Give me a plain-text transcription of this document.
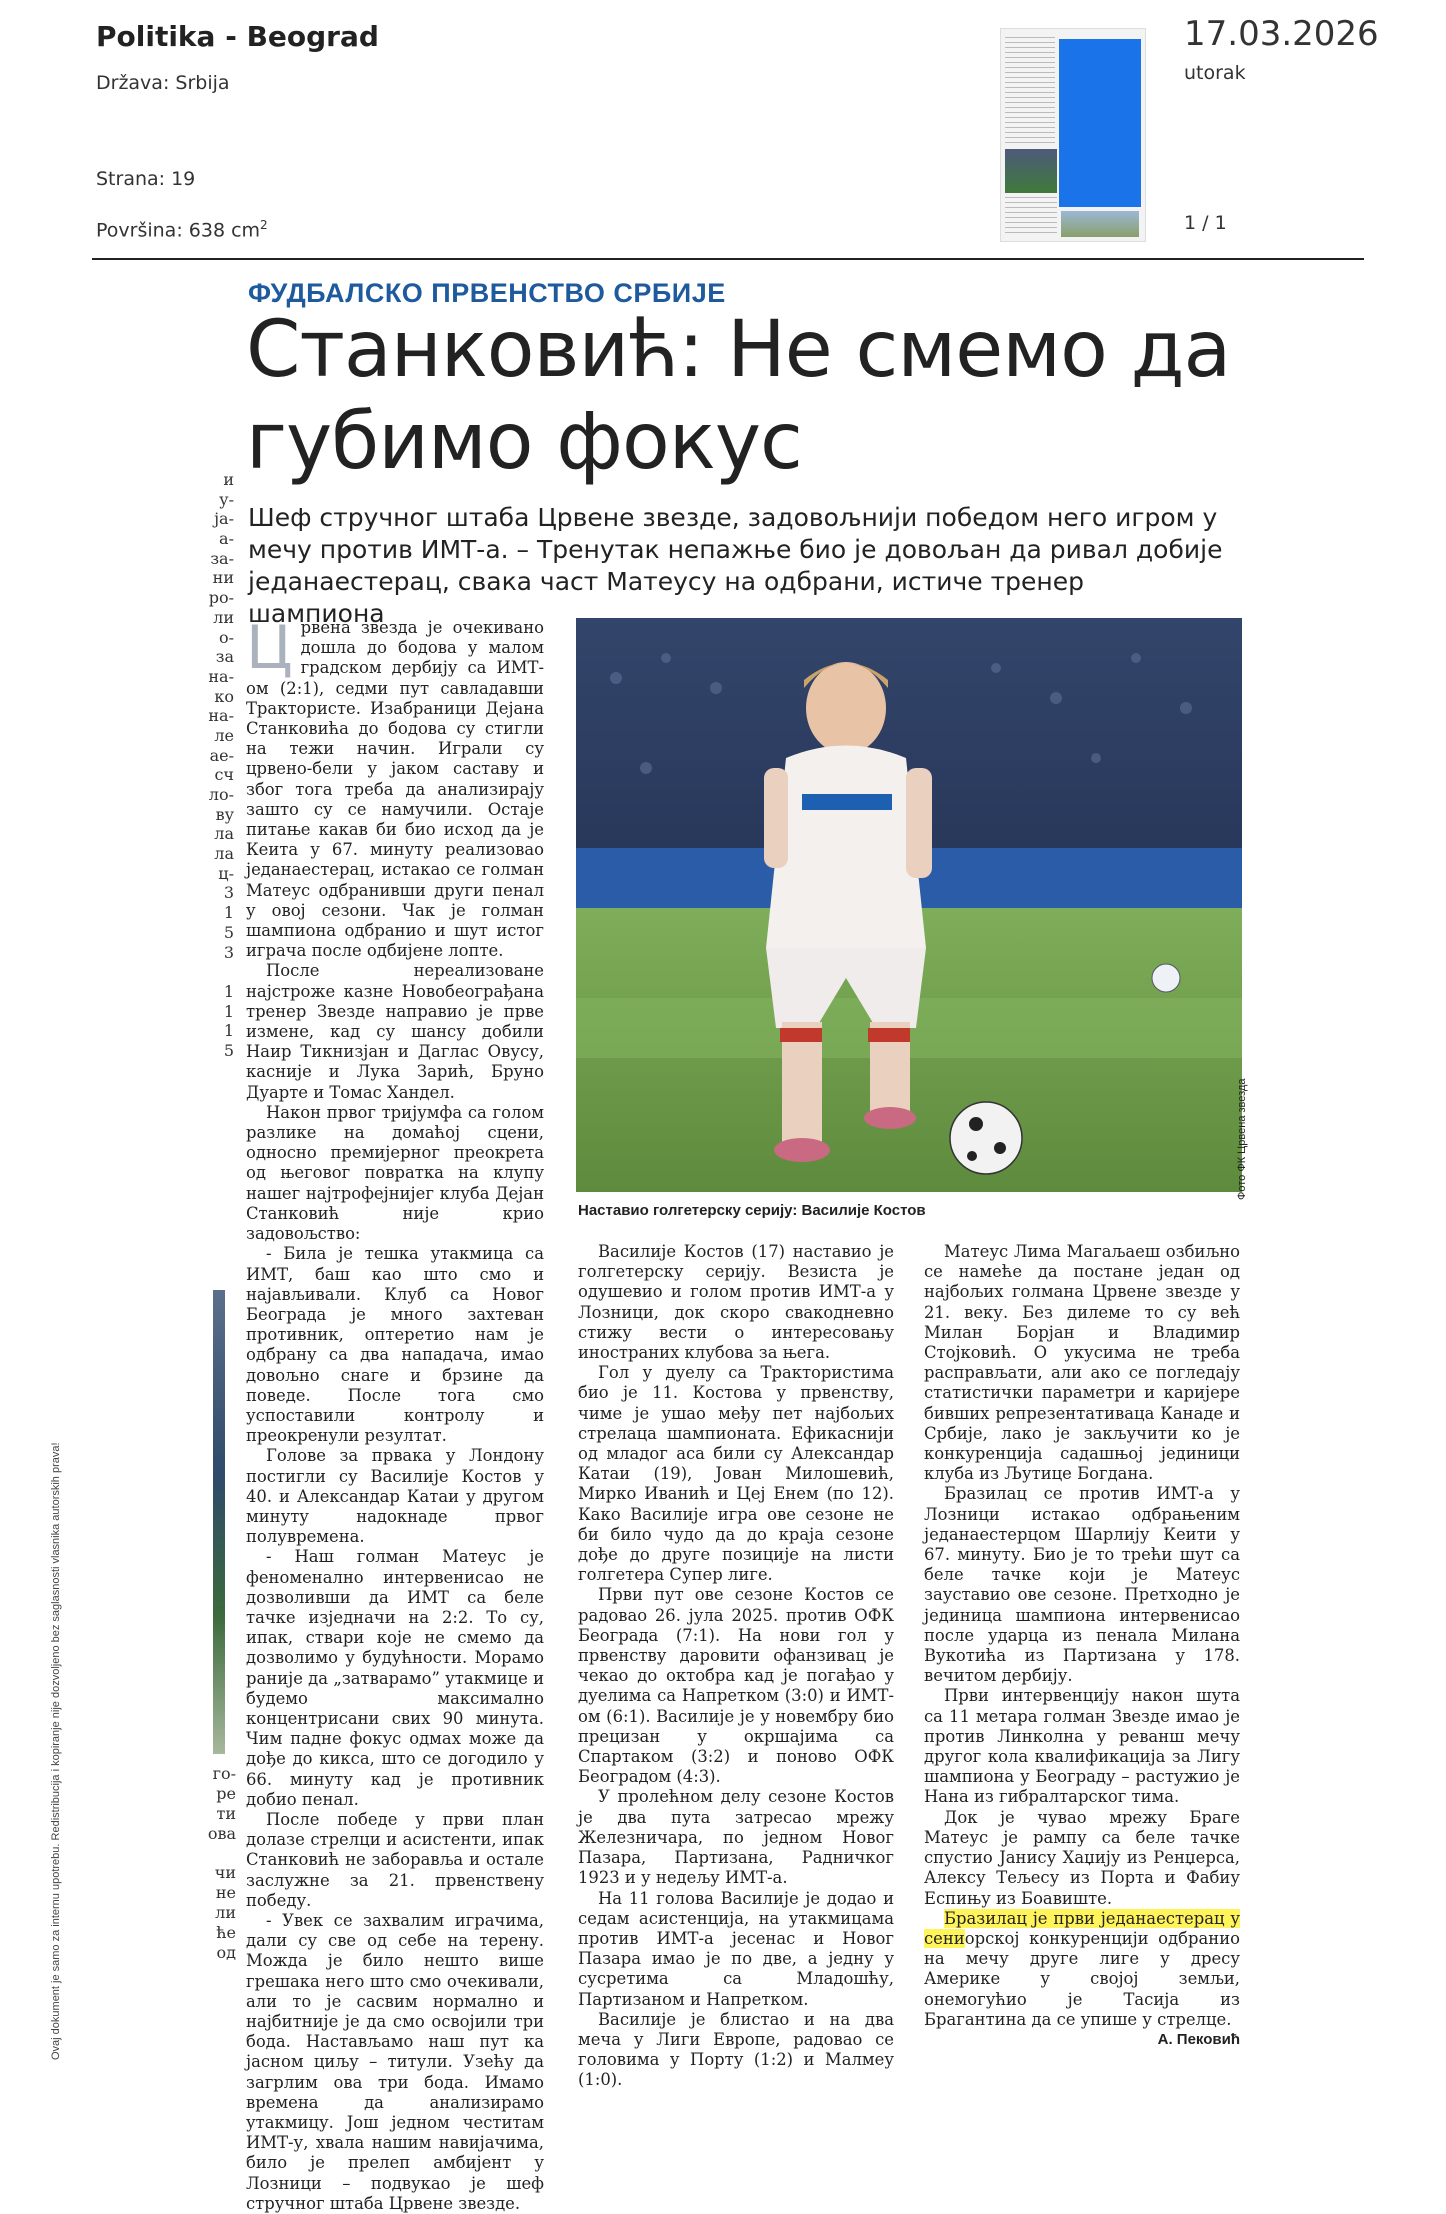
Politika - Beograd
Država: Srbija
Strana: 19
Površina: 638 $cm^2$
17.03.2026
utorak
1 / 1
Ovaj dokument je samo za internu upotrebu. Redistribucija i kopiranje nije dozvoljeno bez saglasnosti vlasnika autorskih prava!
и
у-
ја-
а-
за-
ни
ро-
ли
о-
за
на-
ко
на-
ле
ае-
сч
ло-
ву
ла
ла
ц-
3
1
5
3
1
1
1
5
го-
ре
ти
ова
чи
не
ли
ће
од
ФУДБАЛСКО ПРВЕНСТВО СРБИЈЕ
Станковић: Не смемо да губимо фокус
Шеф стручног штаба Црвене звезде, задовољнији победом него игром у мечу против ИМТ-а. – Тренутак непажње био је довољан да ривал добије једанаестерац, свака част Матеусу на одбрани, истиче тренер шампиона
Ц рвена звезда је очекивано дошла до бодова у малом градском дербију са ИМТ-ом (2:1), седми пут савладавши Трактористе. Изабраници Дејана Станковића до бодова су стигли на тежи начин. Играли су црвено-бели у јаком саставу и због тога треба да анализирају зашто су се намучили. Остаје питање какав би био исход да је Кеита у 67. минуту реализовао једанаестерац, истакао се голман Матеус одбранивши други пенал у овој сезони. Чак је голман шампиона одбранио и шут истог играча после одбијене лопте.

После нереализоване најстроже казне Новобеограђана тренер Звезде направио је прве измене, кад су шансу добили Наир Тикнизјан и Даглас Овусу, касније и Лука Зарић, Бруно Дуарте и Томас Хандел.

Након првог тријумфа са голом разлике на домаћој сцени, односно премијерног преокрета од његовог повратка на клупу нашег најтрофејнијег клуба Дејан Станковић није крио задовољство:

- Била је тешка утакмица са ИМТ, баш као што смо и најављивали. Клуб са Новог Београда је много захтеван противник, оптеретио нам је одбрану са два нападача, имао довољно снаге и брзине да поведе. После тога смо успоставили контролу и преокренули резултат.

Голове за првака у Лондону постигли су Василије Костов у 40. и Александар Катаи у другом минуту надокнаде првог полувремена.

- Наш голман Матеус је феноменално интервенисао не дозволивши да ИМТ са беле тачке изједначи на 2:2. То су, ипак, ствари које не смемо да дозволимо у будућности. Морамо раније да „затварамо” утакмице и будемо максимално концентрисани свих 90 минута. Чим падне фокус одмах може да дође до кикса, што се догодило у 66. минуту кад је противник добио пенал.

После победе у први план долазе стрелци и асистенти, ипак Станковић не заборавља и остале заслужне за 21. првенствену победу.

- Увек се захвалим играчима, дали су све од себе на терену. Можда је било нешто више грешака него што смо очекивали, али то је сасвим нормално и најбитније је да смо освојили три бода. Настављамо наш пут ка јасном циљу – титули. Узећу да загрлим ова три бода. Имамо времена да анализирамо утакмицу. Још једном честитам ИМТ-у, хвала нашим навијачима, било је прелеп амбијент у Лозници – подвукао је шеф стручног штаба Црвене звезде.

Фото ФК Црвена звезда
Наставио голгетерску серију: Василије Костов

Василије Костов (17) наставио је голгетерску серију. Везиста је одушевио и голом против ИМТ-а у Лозници, док скоро свакодневно стижу вести о интересовању иностраних клубова за њега.

Гол у дуелу са Трактористима био је 11. Костова у првенству, чиме је ушао међу пет најбољих стрелаца шампионата. Ефикаснији од младог аса били су Александар Катаи (19), Јован Милошевић, Мирко Иванић и Цеј Енем (по 12). Како Василије игра ове сезоне не би било чудо да до краја сезоне дође до друге позиције на листи голгетера Супер лиге.

Први пут ове сезоне Костов се радовао 26. јула 2025. против ОФК Београда (7:1). На нови гол у првенству даровити офанзивац је чекао до октобра кад је погађао у дуелима са Напретком (3:0) и ИМТ-ом (6:1). Василије је у новембру био прецизан у окршајима са Спартаком (3:2) и поново ОФК Београдом (4:3).

У пролећном делу сезоне Костов је два пута затресао мрежу Железничара, по једном Новог Пазара, Партизана, Радничког 1923 и у недељу ИМТ-а.

На 11 голова Василије је додао и седам асистенција, на утакмицама против ИМТ-а јесенас и Новог Пазара имао је по две, а једну у сусретима са Младошћу, Партизаном и Напретком.

Василије је блистао и на два меча у Лиги Европе, радовао се головима у Порту (1:2) и Малмеу (1:0).

Матеус Лима Магаљаеш озбиљно се намеће да постане један од најбољих голмана Црвене звезде у 21. веку. Без дилеме то су већ Милан Борјан и Владимир Стојковић. О укусима не треба расправљати, али ако се погледају статистички параметри и каријере бивших репрезентативаца Канаде и Србије, лако је закључити ко је конкуренција садашњој јединици клуба из Љутице Богдана.

Бразилац се против ИМТ-а у Лозници истакао одбрањеним једанаестерцом Шарлију Кеити у 67. минуту. Био је то трећи шут са беле тачке који је Матеус зауставио ове сезоне. Претходно је јединица шампиона интервенисао после ударца из пенала Милана Вукотића из Партизана у 178. вечитом дербију.

Први интервенцију након шута са 11 метара голман Звезде имао је против Линколна у реванш мечу другог кола квалификација за Лигу шампиона у Београду – растужио је Нана из гибралтарског тима.

Док је чувао мрежу Браге Матеус је рампу са беле тачке спустио Јанису Хаџију из Ренџерса, Алексу Тељесу из Порта и Фабиу Еспињу из Боавиште.

Бразилац је први једанаестерац у сениорској конкуренцији одбранио на мечу друге лиге у дресу Америке у својој земљи, онемогућио је Тасија из Брагантина да се упише у стрелце.

А. Пековић
